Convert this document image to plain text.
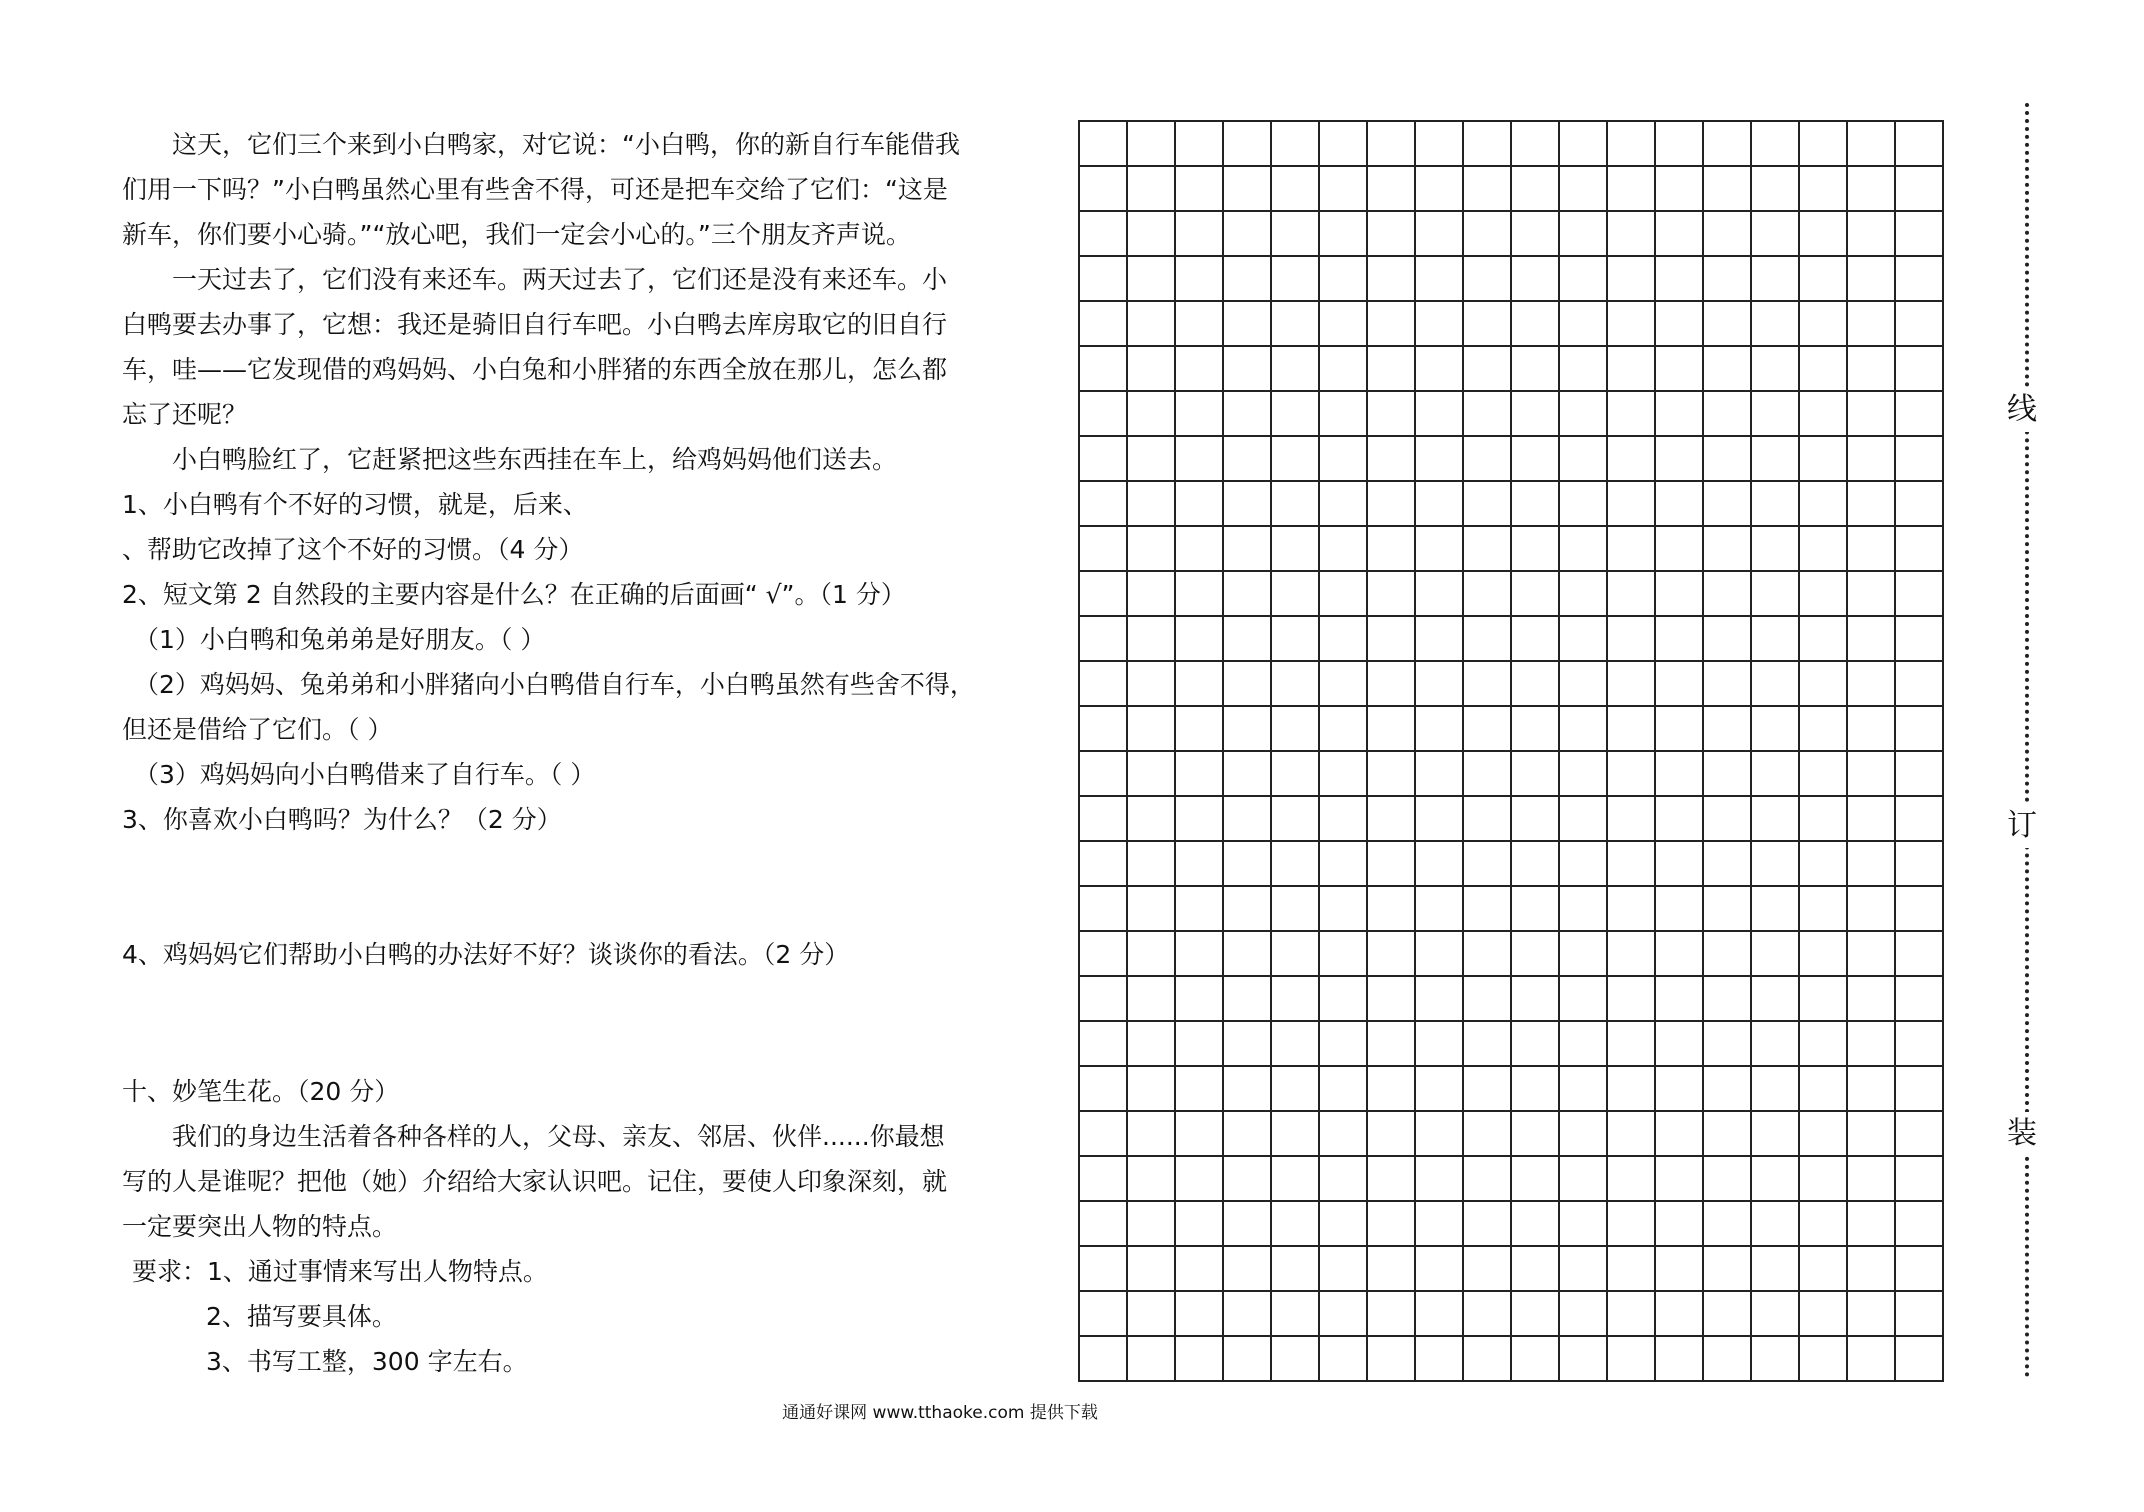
这天，它们三个来到小白鸭家，对它说：“小白鸭，你的新自行车能借我

们用一下吗？”小白鸭虽然心里有些舍不得，可还是把车交给了它们：“这是

新车，你们要小心骑。”“放心吧，我们一定会小心的。”三个朋友齐声说。

一天过去了，它们没有来还车。两天过去了，它们还是没有来还车。小

白鸭要去办事了，它想：我还是骑旧自行车吧。小白鸭去库房取它的旧自行

车，哇——它发现借的鸡妈妈、小白兔和小胖猪的东西全放在那儿，怎么都

忘了还呢？

小白鸭脸红了，它赶紧把这些东西挂在车上，给鸡妈妈他们送去。

1、小白鸭有个不好的习惯，就是，后来、

、帮助它改掉了这个不好的习惯。（4 分）

2、短文第 2 自然段的主要内容是什么？在正确的后面画“ √”。（1 分）

（1）小白鸭和兔弟弟是好朋友。（ ）

（2）鸡妈妈、兔弟弟和小胖猪向小白鸭借自行车，小白鸭虽然有些舍不得，

但还是借给了它们。（ ）

（3）鸡妈妈向小白鸭借来了自行车。（ ）

3、你喜欢小白鸭吗？为什么？（2 分）

4、鸡妈妈它们帮助小白鸭的办法好不好？谈谈你的看法。（2 分）

十、妙笔生花。（20 分）

我们的身边生活着各种各样的人，父母、亲友、邻居、伙伴......你最想

写的人是谁呢？把他（她）介绍给大家认识吧。记住，要使人印象深刻，就

一定要突出人物的特点。

要求：1、通过事情来写出人物特点。

2、描写要具体。

3、书写工整，300 字左右。

线
订
装
通通好课网 www.tthaoke.com 提供下载
